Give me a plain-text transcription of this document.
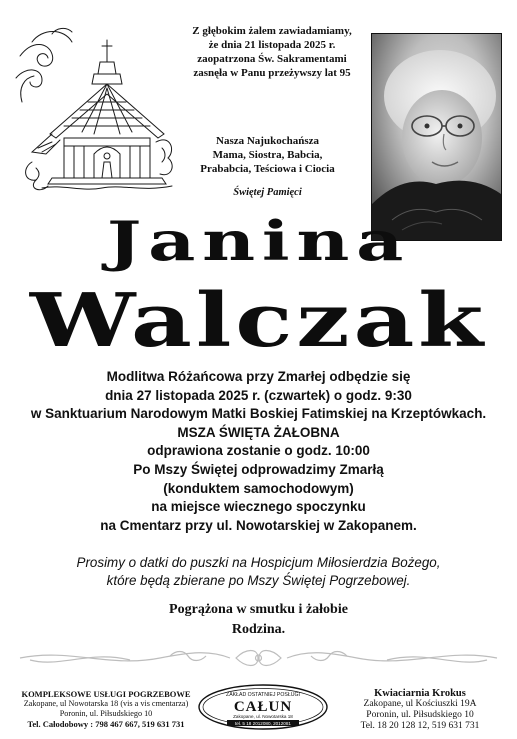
~
Z głębokim żalem zawiadamiamy,
że dnia 21 listopada 2025 r.
zaopatrzona Św. Sakramentami
zasnęła w Panu przeżywszy lat 95
Nasza Najukochańsza
Mama, Siostra, Babcia,
Prababcia, Teściowa i Ciocia
Świętej Pamięci
Janina
Walczak
Modlitwa Różańcowa przy Zmarłej odbędzie się
dnia 27 listopada 2025 r. (czwartek) o godz. 9:30
w Sanktuarium Narodowym Matki Boskiej Fatimskiej na Krzeptówkach.
MSZA ŚWIĘTA ŻAŁOBNA
odprawiona zostanie o godz. 10:00
Po Mszy Świętej odprowadzimy Zmarłą
(konduktem samochodowym)
na miejsce wiecznego spoczynku
na Cmentarz przy ul. Nowotarskiej w Zakopanem.
Prosimy o datki do puszki na Hospicjum Miłosierdzia Bożego,
które będą zbierane po Mszy Świętej Pogrzebowej.
Pogrążona w smutku i żałobie
Rodzina.
KOMPLEKSOWE USŁUGI POGRZEBOWE
Zakopane, ul Nowotarska 18 (vis a vis cmentarza)
Poronin, ul. Piłsudskiego 10
Tel. Całodobowy : 798 467 667, 519 631 731
ZAKŁAD OSTATNIEJ POSŁUGI
CAŁUN
Zakopane, ul. Nowotarska 18
tel. 5 18 2012080, 2012081
Kwiaciarnia Krokus
Zakopane, ul Kościuszki 19A
Poronin, ul. Piłsudskiego 10
Tel. 18 20 128 12, 519 631 731
